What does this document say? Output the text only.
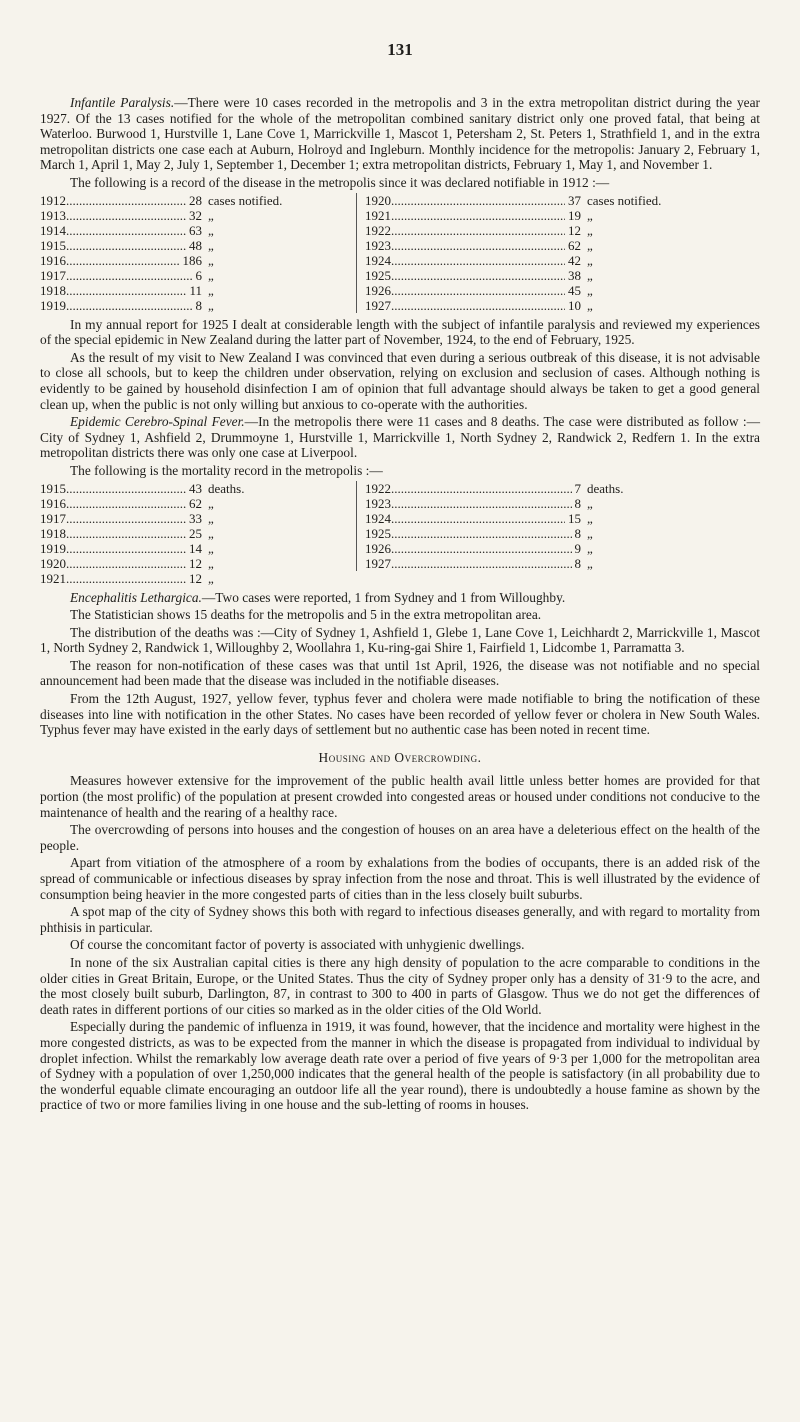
131

Infantile Paralysis.—There were 10 cases recorded in the metropolis and 3 in the extra metropolitan district during the year 1927. Of the 13 cases notified for the whole of the metropolitan combined sanitary district only one proved fatal, that being at Waterloo. Burwood 1, Hurstville 1, Lane Cove 1, Marrickville 1, Mascot 1, Petersham 2, St. Peters 1, Strathfield 1, and in the extra metropolitan districts one case each at Auburn, Holroyd and Ingleburn. Monthly incidence for the metropolis: January 2, February 1, March 1, April 1, May 2, July 1, September 1, December 1; extra metropolitan districts, February 1, May 1, and November 1.

The following is a record of the disease in the metropolis since it was declared notifiable in 1912 :—

1912 .....	28 cases notified.
1913 .....	32 „
1914 .....	63 „
1915 .....	48 „
1916 .....	186 „
1917 .....	6 „
1918 .....	11 „
1919 .....	8 „
1920 .....	37 cases notified.
1921 .....	19 „
1922 .....	12 „
1923 .....	62 „
1924 .....	42 „
1925 .....	38 „
1926 .....	45 „
1927 .....	10 „

In my annual report for 1925 I dealt at considerable length with the subject of infantile paralysis and reviewed my experiences of the special epidemic in New Zealand during the latter part of November, 1924, to the end of February, 1925.

As the result of my visit to New Zealand I was convinced that even during a serious outbreak of this disease, it is not advisable to close all schools, but to keep the children under observation, relying on exclusion and seclusion of cases. Although nothing is evidently to be gained by household disinfection I am of opinion that full advantage should always be taken to get a good general clean up, when the public is not only willing but anxious to co-operate with the authorities.

Epidemic Cerebro-Spinal Fever.—In the metropolis there were 11 cases and 8 deaths. The case were distributed as follow :—City of Sydney 1, Ashfield 2, Drummoyne 1, Hurstville 1, Marrickville 1, North Sydney 2, Randwick 2, Redfern 1. In the extra metropolitan districts there was only one case at Liverpool.

The following is the mortality record in the metropolis :—

1915 .....	43 deaths.
1916 .....	62 „
1917 .....	33 „
1918 .....	25 „
1919 .....	14 „
1920 .....	12 „
1921 .....	12 „
1922 .....	7 deaths.
1923 .....	8 „
1924 .....	15 „
1925 .....	8 „
1926 .....	9 „
1927 .....	8 „

Encephalitis Lethargica.—Two cases were reported, 1 from Sydney and 1 from Willoughby.

The Statistician shows 15 deaths for the metropolis and 5 in the extra metropolitan area.

The distribution of the deaths was :—City of Sydney 1, Ashfield 1, Glebe 1, Lane Cove 1, Leichhardt 2, Marrickville 1, Mascot 1, North Sydney 2, Randwick 1, Willoughby 2, Woollahra 1, Ku-ring-gai Shire 1, Fairfield 1, Lidcombe 1, Parramatta 3.

The reason for non-notification of these cases was that until 1st April, 1926, the disease was not notifiable and no special announcement had been made that the disease was included in the notifiable diseases.

From the 12th August, 1927, yellow fever, typhus fever and cholera were made notifiable to bring the notification of these diseases into line with notification in the other States. No cases have been recorded of yellow fever or cholera in New South Wales. Typhus fever may have existed in the early days of settlement but no authentic case has been noted in recent time.

Housing and Overcrowding.

Measures however extensive for the improvement of the public health avail little unless better homes are provided for that portion (the most prolific) of the population at present crowded into congested areas or housed under conditions not conducive to the maintenance of health and the rearing of a healthy race.

The overcrowding of persons into houses and the congestion of houses on an area have a deleterious effect on the health of the people.

Apart from vitiation of the atmosphere of a room by exhalations from the bodies of occupants, there is an added risk of the spread of communicable or infectious diseases by spray infection from the nose and throat. This is well illustrated by the evidence of consumption being heavier in the more congested parts of cities than in the less closely built suburbs.

A spot map of the city of Sydney shows this both with regard to infectious diseases generally, and with regard to mortality from phthisis in particular.

Of course the concomitant factor of poverty is associated with unhygienic dwellings.

In none of the six Australian capital cities is there any high density of population to the acre comparable to conditions in the older cities in Great Britain, Europe, or the United States. Thus the city of Sydney proper only has a density of 31·9 to the acre, and the most closely built suburb, Darlington, 87, in contrast to 300 to 400 in parts of Glasgow. Thus we do not get the differences of death rates in different portions of our cities so marked as in the older cities of the Old World.

Especially during the pandemic of influenza in 1919, it was found, however, that the incidence and mortality were highest in the more congested districts, as was to be expected from the manner in which the disease is propagated from individual to individual by droplet infection. Whilst the remarkably low average death rate over a period of five years of 9·3 per 1,000 for the metropolitan area of Sydney with a population of over 1,250,000 indicates that the general health of the people is satisfactory (in all probability due to the wonderful equable climate encouraging an outdoor life all the year round), there is undoubtedly a house famine as shown by the practice of two or more families living in one house and the sub-letting of rooms in houses.
